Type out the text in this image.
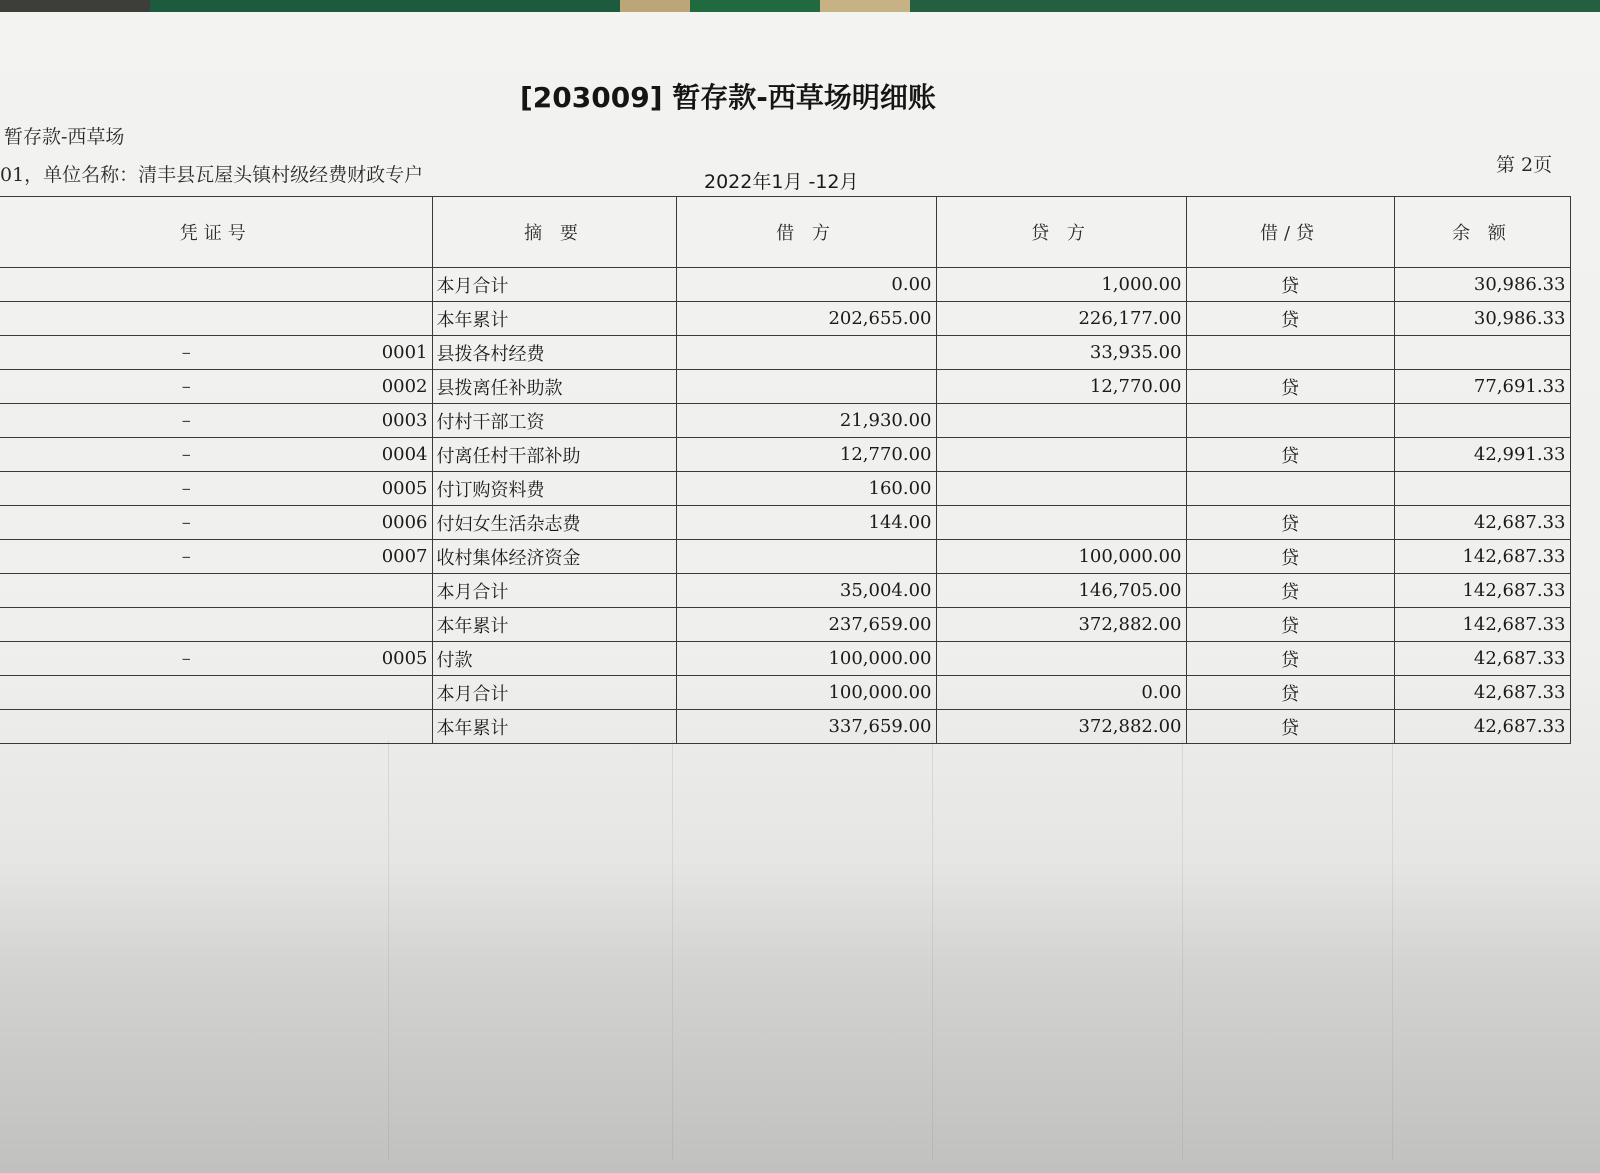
[203009] 暂存款-西草场明细账
暂存款-西草场
01，单位名称：清丰县瓦屋头镇村级经费财政专户	2022年1月 -12月
第 2页
凭证号	摘 要	借 方	贷 方	借/贷	余 额
	本月合计	0.00	1,000.00	贷	30,986.33
	本年累计	202,655.00	226,177.00	贷	30,986.33
– 0001	县拨各村经费		33,935.00		
– 0002	县拨离任补助款		12,770.00	贷	77,691.33
– 0003	付村干部工资	21,930.00			
– 0004	付离任村干部补助	12,770.00		贷	42,991.33
– 0005	付订购资料费	160.00			
– 0006	付妇女生活杂志费	144.00		贷	42,687.33
– 0007	收村集体经济资金		100,000.00	贷	142,687.33
	本月合计	35,004.00	146,705.00	贷	142,687.33
	本年累计	237,659.00	372,882.00	贷	142,687.33
– 0005	付款	100,000.00		贷	42,687.33
	本月合计	100,000.00	0.00	贷	42,687.33
	本年累计	337,659.00	372,882.00	贷	42,687.33
